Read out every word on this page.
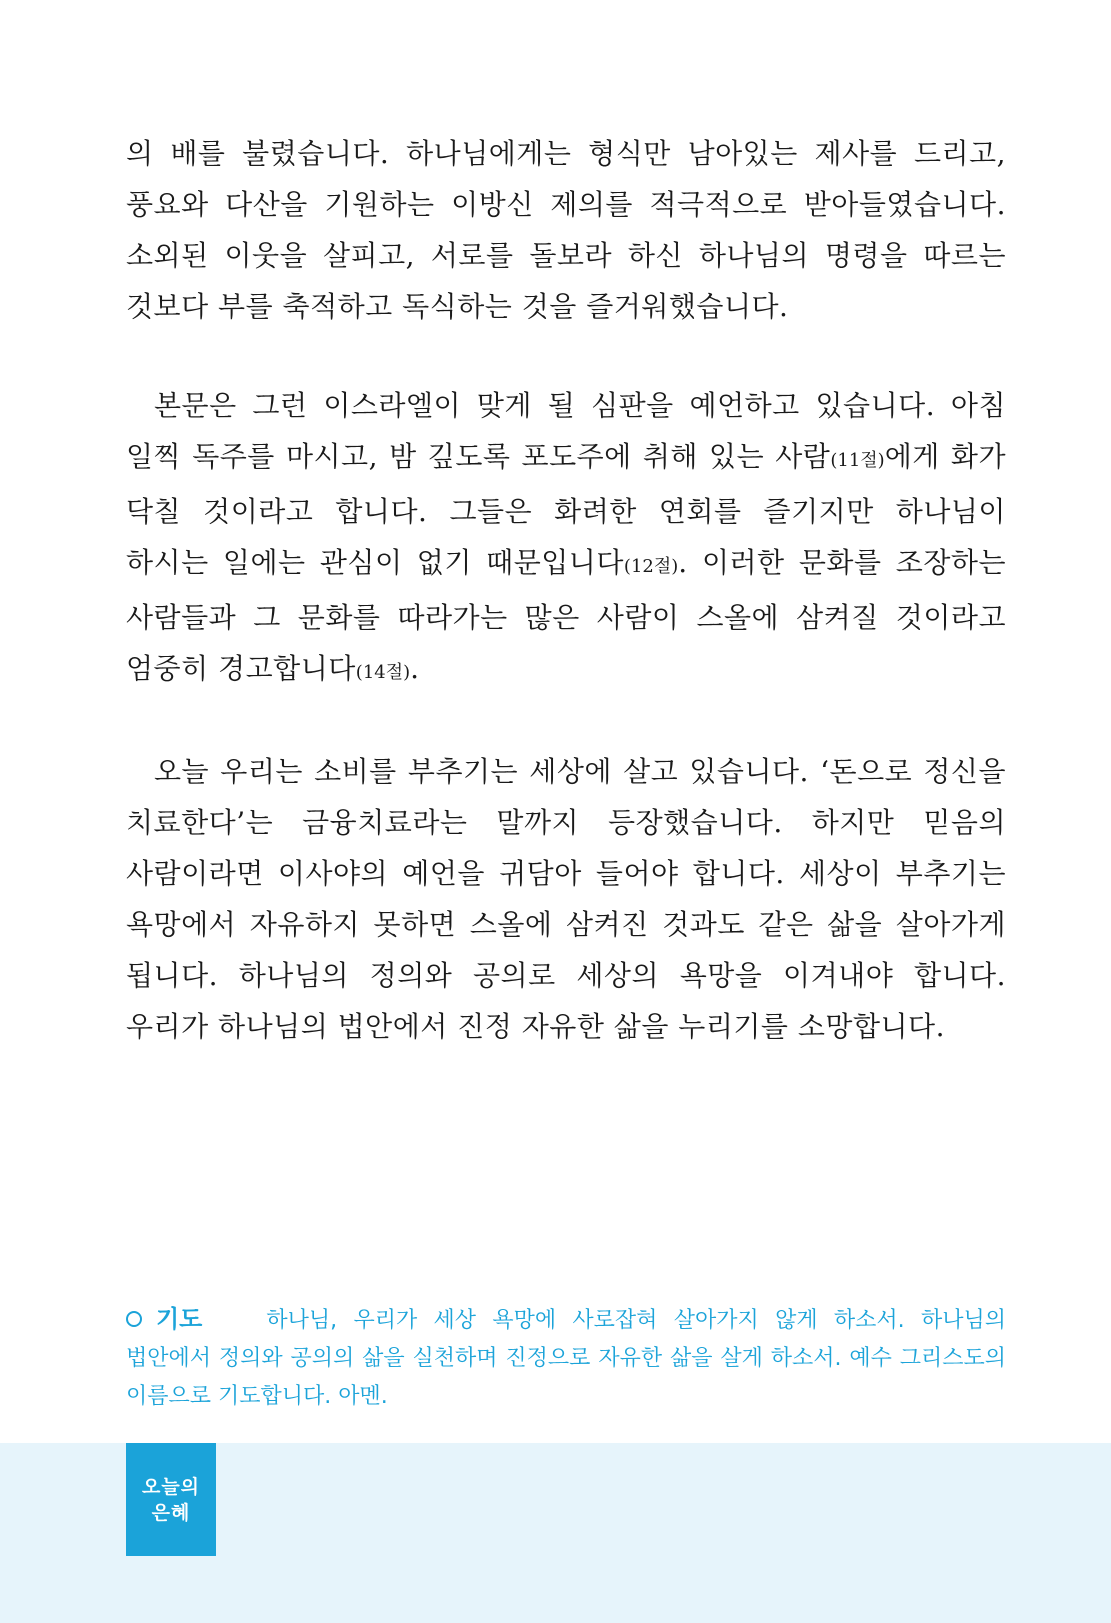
의 배를 불렸습니다. 하나님에게는 형식만 남아있는 제사를 드리고, 풍요와 다산을 기원하는 이방신 제의를 적극적으로 받아들였습니다. 소외된 이웃을 살피고, 서로를 돌보라 하신 하나님의 명령을 따르는 것보다 부를 축적하고 독식하는 것을 즐거워했습니다.

본문은 그런 이스라엘이 맞게 될 심판을 예언하고 있습니다. 아침 일찍 독주를 마시고, 밤 깊도록 포도주에 취해 있는 사람(11절)에게 화가 닥칠 것이라고 합니다. 그들은 화려한 연회를 즐기지만 하나님이 하시는 일에는 관심이 없기 때문입니다(12절). 이러한 문화를 조장하는 사람들과 그 문화를 따라가는 많은 사람이 스올에 삼켜질 것이라고 엄중히 경고합니다(14절).

오늘 우리는 소비를 부추기는 세상에 살고 있습니다. ‘돈으로 정신을 치료한다’는 금융치료라는 말까지 등장했습니다. 하지만 믿음의 사람이라면 이사야의 예언을 귀담아 들어야 합니다. 세상이 부추기는 욕망에서 자유하지 못하면 스올에 삼켜진 것과도 같은 삶을 살아가게 됩니다. 하나님의 정의와 공의로 세상의 욕망을 이겨내야 합니다. 우리가 하나님의 법안에서 진정 자유한 삶을 누리기를 소망합니다.

기도	하나님, 우리가 세상 욕망에 사로잡혀 살아가지 않게 하소서. 하나님의 법안에서 정의와 공의의 삶을 실천하며 진정으로 자유한 삶을 살게 하소서. 예수 그리스도의 이름으로 기도합니다. 아멘.
오늘의
은혜
